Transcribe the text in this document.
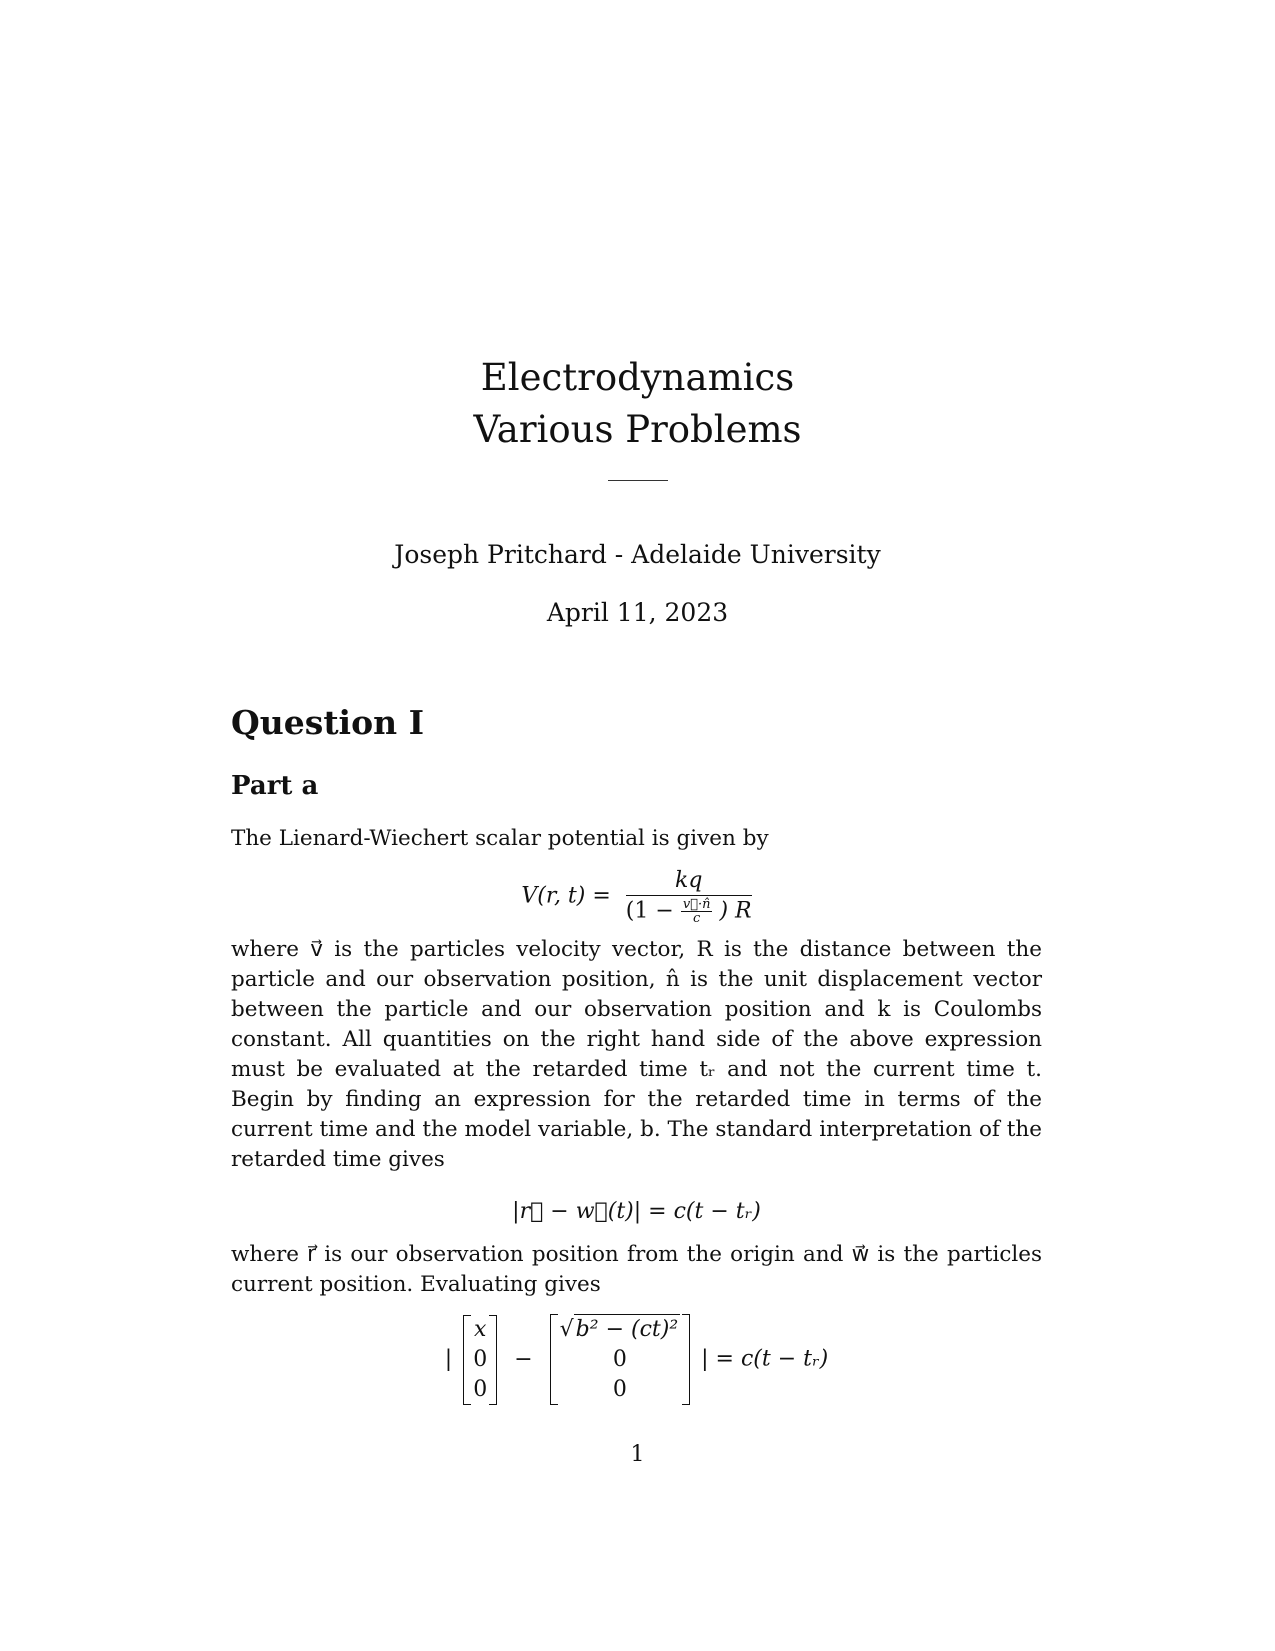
Electrodynamics
Various Problems
Joseph Pritchard - Adelaide University
April 11, 2023
Question I
Part a

The Lienard-Wiechert scalar potential is given by

V(r, t) =
kq
($1 - \frac{v⃗\cdot n̂}{c}$ ) R

where v⃗ is the particles velocity vector, R is the distance between the particle and our observation position, n̂ is the unit displacement vector between the particle and our observation position and k is Coulombs constant. All quantities on the right hand side of the above expression must be evaluated at the retarded time tᵣ and not the current time t. Begin by finding an expression for the retarded time in terms of the current time and the model variable, b. The standard interpretation of the retarded time gives

|r⃗ − w⃗(t)| = c(t − tᵣ)

where r⃗ is our observation position from the origin and w⃗ is the particles current position. Evaluating gives

|
x
0
0
−
√b² − (ct)²
0
0
| = c(t − tᵣ)
1
